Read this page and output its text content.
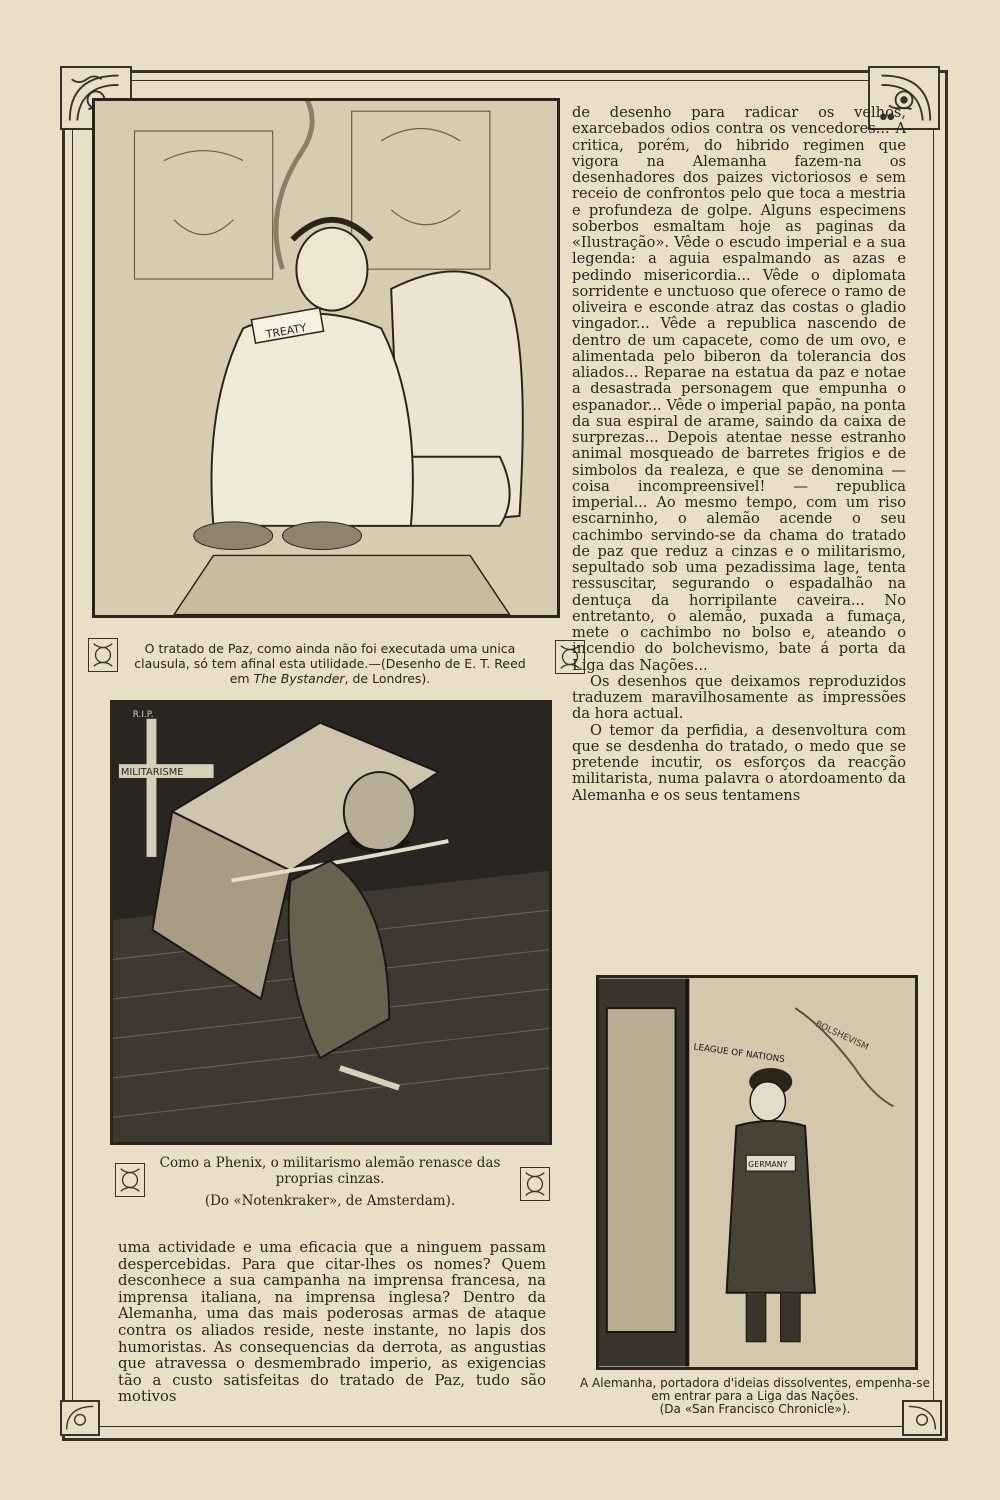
TREATY
O tratado de Paz, como ainda não foi executada uma unica clausula, só tem afinal esta utilidade.—(Desenho de E. T. Reed em The Bystander, de Londres).
R.I.P.
MILITARISME
Como a Phenix, o militarismo alemão renasce das proprias cinzas.
(Do «Notenkraker», de Amsterdam).
LEAGUE OF NATIONS
BOLSHEVISM
GERMANY
A Alemanha, portadora d'ideias dissolventes, empenha-se em entrar para a Liga das Nações.
(Da «San Francisco Chronicle»).

de desenho para radicar os velhos, exarcebados odios contra os vencedores... A critica, porém, do hibrido regimen que vigora na Alemanha fazem-na os desenhadores dos paizes victoriosos e sem receio de confrontos pelo que toca a mestria e profundeza de golpe. Alguns especimens soberbos esmaltam hoje as paginas da «Ilustração». Vêde o escudo imperial e a sua legenda: a aguia espalmando as azas e pedindo misericordia... Vêde o diplomata sorridente e unctuoso que oferece o ramo de oliveira e esconde atraz das costas o gladio vingador... Vêde a republica nascendo de dentro de um capacete, como de um ovo, e alimentada pelo biberon da tolerancia dos aliados... Reparae na estatua da paz e notae a desastrada personagem que empunha o espanador... Vêde o imperial papão, na ponta da sua espiral de arame, saindo da caixa de surprezas... Depois atentae nesse estranho animal mosqueado de barretes frigios e de simbolos da realeza, e que se denomina — coisa incompreensivel! — republica imperial... Ao mesmo tempo, com um riso escarninho, o alemão acende o seu cachimbo servindo-se da chama do tratado de paz que reduz a cinzas e o militarismo, sepultado sob uma pezadissima lage, tenta ressuscitar, segurando o espadalhão na dentuça da horripilante caveira... No entretanto, o alemão, puxada a fumaça, mete o cachimbo no bolso e, ateando o incendio do bolchevismo, bate á porta da Liga das Nações...

Os desenhos que deixamos reproduzidos traduzem maravilhosamente as impressões da hora actual.

O temor da perfidia, a desenvoltura com que se desdenha do tratado, o medo que se pretende incutir, os esforços da reacção militarista, numa palavra o atordoamento da Alemanha e os seus tentamens

uma actividade e uma eficacia que a ninguem passam despercebidas. Para que citar-lhes os nomes? Quem desconhece a sua campanha na imprensa francesa, na imprensa italiana, na imprensa inglesa? Dentro da Alemanha, uma das mais poderosas armas de ataque contra os aliados reside, neste instante, no lapis dos humoristas. As consequencias da derrota, as angustias que atravessa o desmembrado imperio, as exigencias tão a custo satisfeitas do tratado de Paz, tudo são motivos
